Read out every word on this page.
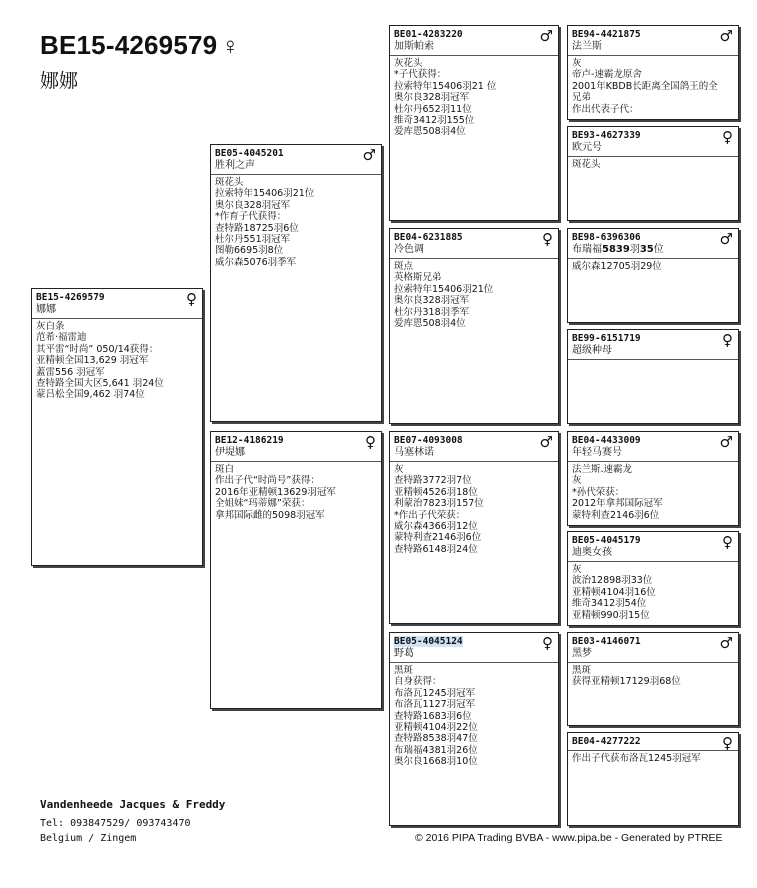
BE15-4269579 ♀
娜娜
BE15-4269579
娜娜
♀
灰白条
范希·福雷迪
其平雷“时尚” 050/14获得：
亚精顿全国13,629 羽冠军
蓋雷556 羽冠军
查特路全国大区5,641 羽24位
蒙吕松全国9,462 羽74位
BE05-4045201
胜利之声
♂
斑花头
拉索特年15406羽21位
奥尔良328羽冠军
*作育子代获得：
查特路18725羽6位
杜尔丹551羽冠军
图勒6695羽8位
威尔森5076羽季军
BE12-4186219
伊堤娜
♀
斑白
作出子代“时尚号”获得：
2016年亚精顿13629羽冠军
全姐妹“玛蒂娜”荣获：
拿邦国际雌的5098羽冠军
BE01-4283220
加斯帕索
♂
灰花头
*子代获得：
拉索特年15406羽21 位
奥尔良328羽冠军
杜尔丹652羽11位
维奇3412羽155位
爱库恩508羽4位
BE04-6231885
冷色调
♀
斑点
英格斯兄弟
拉索特年15406羽21位
奥尔良328羽冠军
杜尔丹318羽季军
爱库恩508羽4位
BE07-4093008
马塞林诺
♂
灰
查特路3772羽7位
亚精顿4526羽18位
利蒙治7823羽157位
*作出子代荣获：
威尔森4366羽12位
蒙特利查2146羽6位
查特路6148羽24位
BE05-4045124
野葛
♀
黑斑
自身获得：
布洛瓦1245羽冠军
布洛瓦1127羽冠军
查特路1683羽6位
亚精顿4104羽22位
查特路8538羽47位
布瑞福4381羽26位
奥尔良1668羽10位
BE94-4421875
法兰斯
♂
灰
帝卢-速霸龙原舍
2001年KBDB长距离全国鸽王的全
兄弟
作出代表子代：
BE93-4627339
欧元号
♀
斑花头
BE98-6396306
布瑞福5839羽35位
♂
威尔森12705羽29位
BE99-6151719
超级种母
♀
BE04-4433009
年轻马赛号
♂
法兰斯.速霸龙
灰
*孙代荣获：
2012年拿邦国际冠军
蒙特利查2146羽6位
BE05-4045179
迪奥女孩
♀
灰
波治12898羽33位
亚精顿4104羽16位
维奇3412羽54位
亚精顿990羽15位
BE03-4146071
黑梦
♂
黑斑
获得亚精顿17129羽68位
BE04-4277222	♀
作出子代获布洛瓦1245羽冠军
Vandenheede Jacques & Freddy
Tel: 093847529/ 093743470
Belgium / Zingem	© 2016 PIPA Trading BVBA - www.pipa.be - Generated by PTREE
